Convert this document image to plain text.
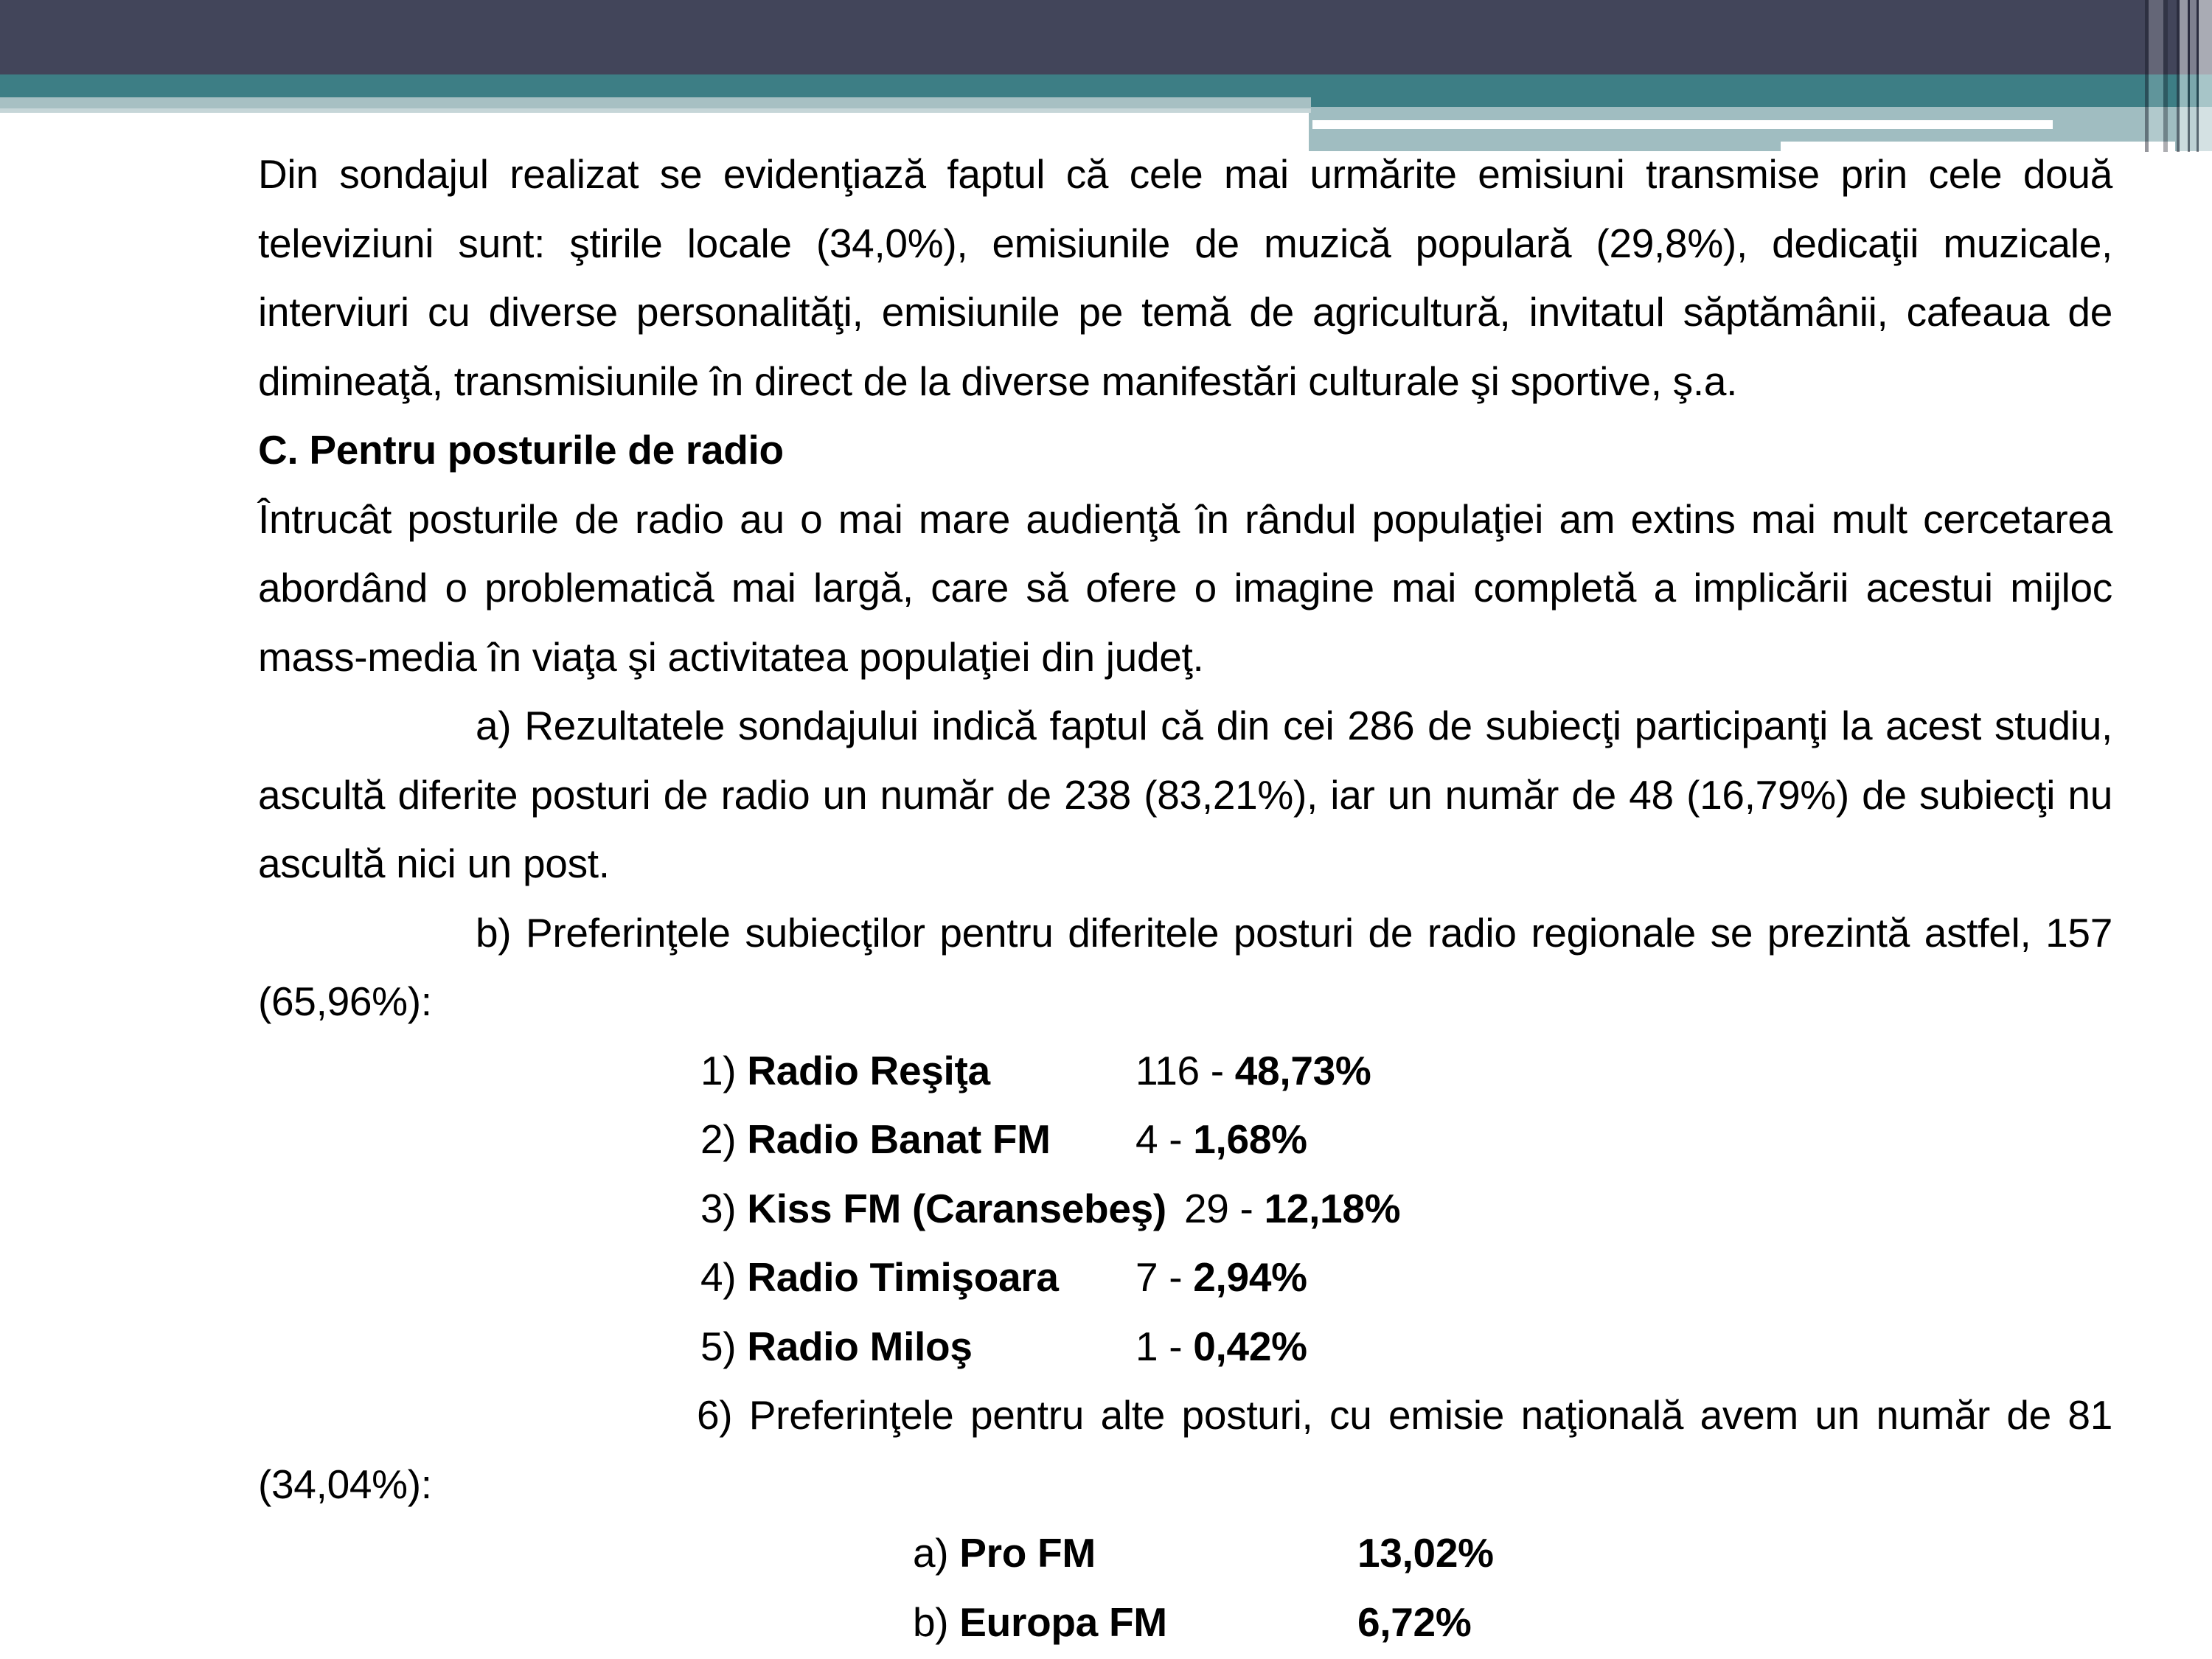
Din sondajul realizat se evidenţiază faptul că cele mai urmărite emisiuni transmise prin cele două televiziuni sunt: ştirile locale (34,0%), emisiunile de muzică populară (29,8%), dedicaţii muzicale, interviuri cu diverse personalităţi, emisiunile pe temă de agricultură, invitatul săptămânii, cafeaua de dimineaţă, transmisiunile în direct de la diverse manifestări culturale şi sportive, ş.a.

C. Pentru posturile de radio

Întrucât posturile de radio au o mai mare audienţă în rândul populaţiei am extins mai mult cercetarea abordând o problematică mai largă, care să ofere o imagine mai completă a implicării acestui mijloc mass-media în viaţa şi activitatea populaţiei din judeţ.

a) Rezultatele sondajului indică faptul că din cei 286 de subiecţi participanţi la acest studiu, ascultă diferite posturi de radio un număr de 238 (83,21%), iar un număr de 48 (16,79%) de subiecţi nu ascultă nici un post.

b) Preferinţele subiecţilor pentru diferitele posturi de radio regionale se prezintă astfel, 157

(65,96%):

1) Radio Reşiţa	116 - 48,73%
2) Radio Banat FM	4 - 1,68%
3) Kiss FM (Caransebeş) 29 - 12,18%
4) Radio Timişoara	7 - 2,94%
5) Radio Miloş	1 - 0,42%

6) Preferinţele pentru alte posturi, cu emisie naţională avem un număr de 81

(34,04%):

a) Pro FM	13,02%
b) Europa FM	6,72%
